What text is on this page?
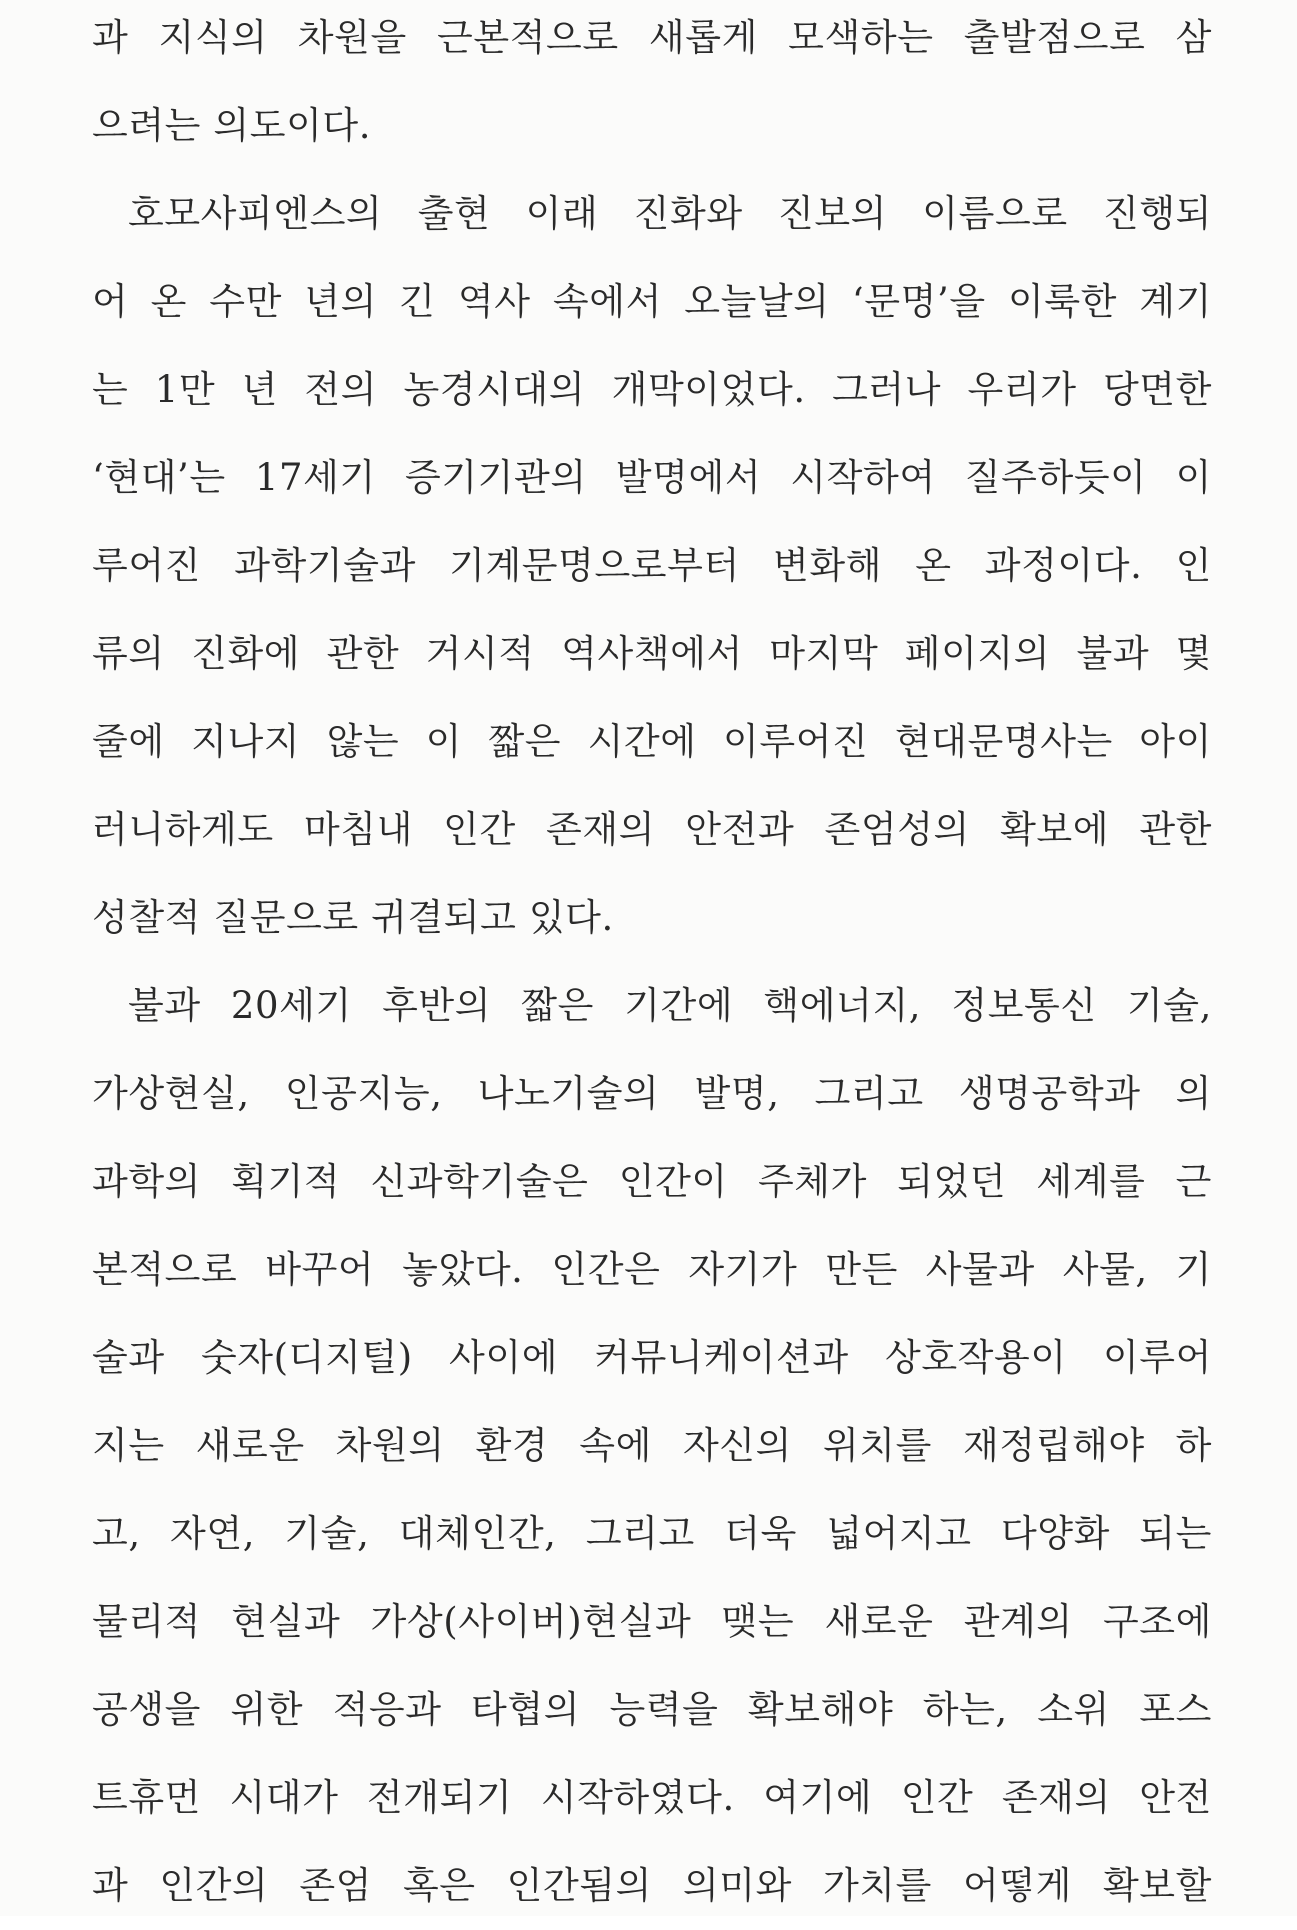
과 지식의 차원을 근본적으로 새롭게 모색하는 출발점으로 삼
으려는 의도이다.
호모사피엔스의 출현 이래 진화와 진보의 이름으로 진행되
어 온 수만 년의 긴 역사 속에서 오늘날의 ‘문명’을 이룩한 계기
는 1만 년 전의 농경시대의 개막이었다. 그러나 우리가 당면한
‘현대’는 17세기 증기기관의 발명에서 시작하여 질주하듯이 이
루어진 과학기술과 기계문명으로부터 변화해 온 과정이다. 인
류의 진화에 관한 거시적 역사책에서 마지막 페이지의 불과 몇
줄에 지나지 않는 이 짧은 시간에 이루어진 현대문명사는 아이
러니하게도 마침내 인간 존재의 안전과 존엄성의 확보에 관한
성찰적 질문으로 귀결되고 있다.
불과 20세기 후반의 짧은 기간에 핵에너지, 정보통신 기술,
가상현실, 인공지능, 나노기술의 발명, 그리고 생명공학과 의
과학의 획기적 신과학기술은 인간이 주체가 되었던 세계를 근
본적으로 바꾸어 놓았다. 인간은 자기가 만든 사물과 사물, 기
술과 숫자(디지털) 사이에 커뮤니케이션과 상호작용이 이루어
지는 새로운 차원의 환경 속에 자신의 위치를 재정립해야 하
고, 자연, 기술, 대체인간, 그리고 더욱 넓어지고 다양화 되는
물리적 현실과 가상(사이버)현실과 맺는 새로운 관계의 구조에
공생을 위한 적응과 타협의 능력을 확보해야 하는, 소위 포스
트휴먼 시대가 전개되기 시작하였다. 여기에 인간 존재의 안전
과 인간의 존엄 혹은 인간됨의 의미와 가치를 어떻게 확보할
